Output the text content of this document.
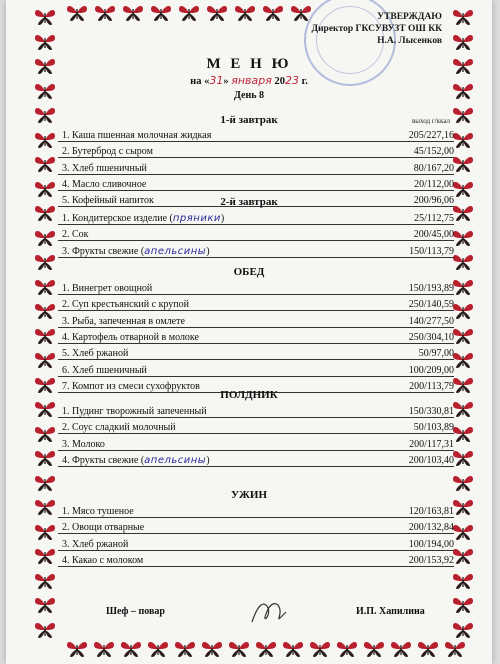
УТВЕРЖДАЮ
Директор ГКСУВУЗТ ОШ КК
Н.А. Лысенков
М Е Н Ю
на «31» января 2023 г.
День 8
Шеф – повар	И.П. Хапилина
1-й завтрак	выход г/ккал
1. Каша пшенная молочная жидкая	205/227,16
2. Бутерброд с сыром	45/152,00
3. Хлеб пшеничный	80/167,20
4. Масло сливочное	20/112,00
5. Кофейный напиток	200/96,06
2-й завтрак
1. Кондитерское изделие (пряники)	25/112,75
2. Сок	200/45,00
3. Фрукты свежие (апельсины)	150/113,79
ОБЕД
1. Винегрет овощной	150/193,89
2. Суп крестьянский с крупой	250/140,59
3. Рыба, запеченная в омлете	140/277,50
4. Картофель отварной в молоке	250/304,10
5. Хлеб ржаной	50/97,00
6. Хлеб пшеничный	100/209,00
7. Компот из смеси сухофруктов	200/113,79
ПОЛДНИК
1. Пудинг творожный запеченный	150/330,81
2. Соус сладкий молочный	50/103,89
3. Молоко	200/117,31
4. Фрукты свежие (апельсины)	200/103,40
УЖИН
1. Мясо тушеное	120/163,81
2. Овощи отварные	200/132,84
3. Хлеб ржаной	100/194,00
4. Какао с молоком	200/153,92
